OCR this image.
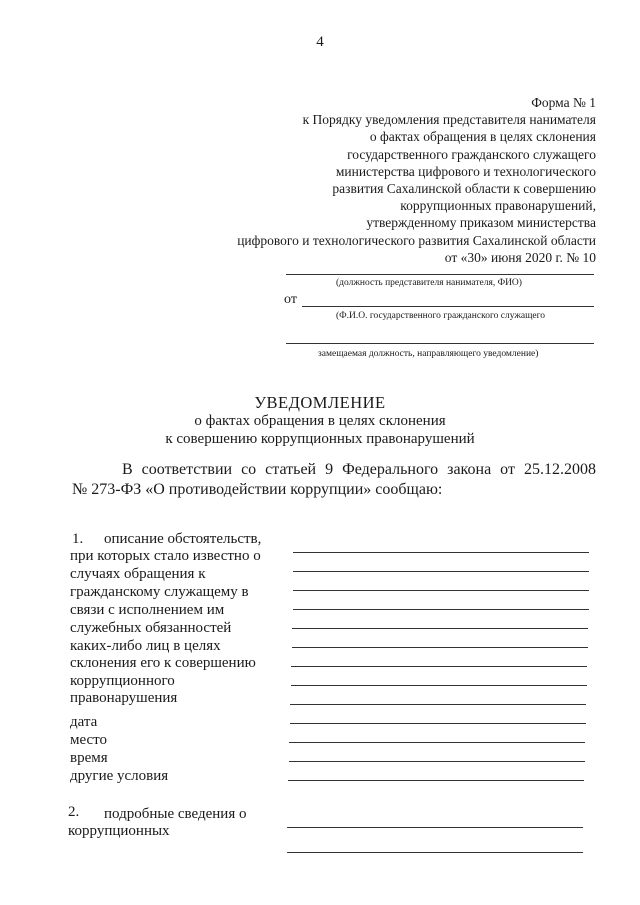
4
Форма № 1
к Порядку уведомления представителя нанимателя
о фактах обращения в целях склонения
государственного гражданского служащего
министерства цифрового и технологического
развития Сахалинской области к совершению
коррупционных правонарушений,
утвержденному приказом министерства
цифрового и технологического развития Сахалинской области
от «30» июня 2020 г. № 10
(должность представителя нанимателя, ФИО)
от
(Ф.И.О. государственного гражданского служащего
замещаемая должность, направляющего уведомление)
УВЕДОМЛЕНИЕ
о фактах обращения в целях склонения
к совершению коррупционных правонарушений
В соответствии со статьей 9 Федерального закона от 25.12.2008
№ 273-ФЗ «О противодействии коррупции» сообщаю:
1. описание обстоятельств,
при которых стало известно о
случаях обращения к
гражданскому служащему в
связи с исполнением им
служебных обязанностей
каких-либо лиц в целях
склонения его к совершению
коррупционного
правонарушения
дата
место
время
другие условия
2. подробные сведения о
коррупционных
